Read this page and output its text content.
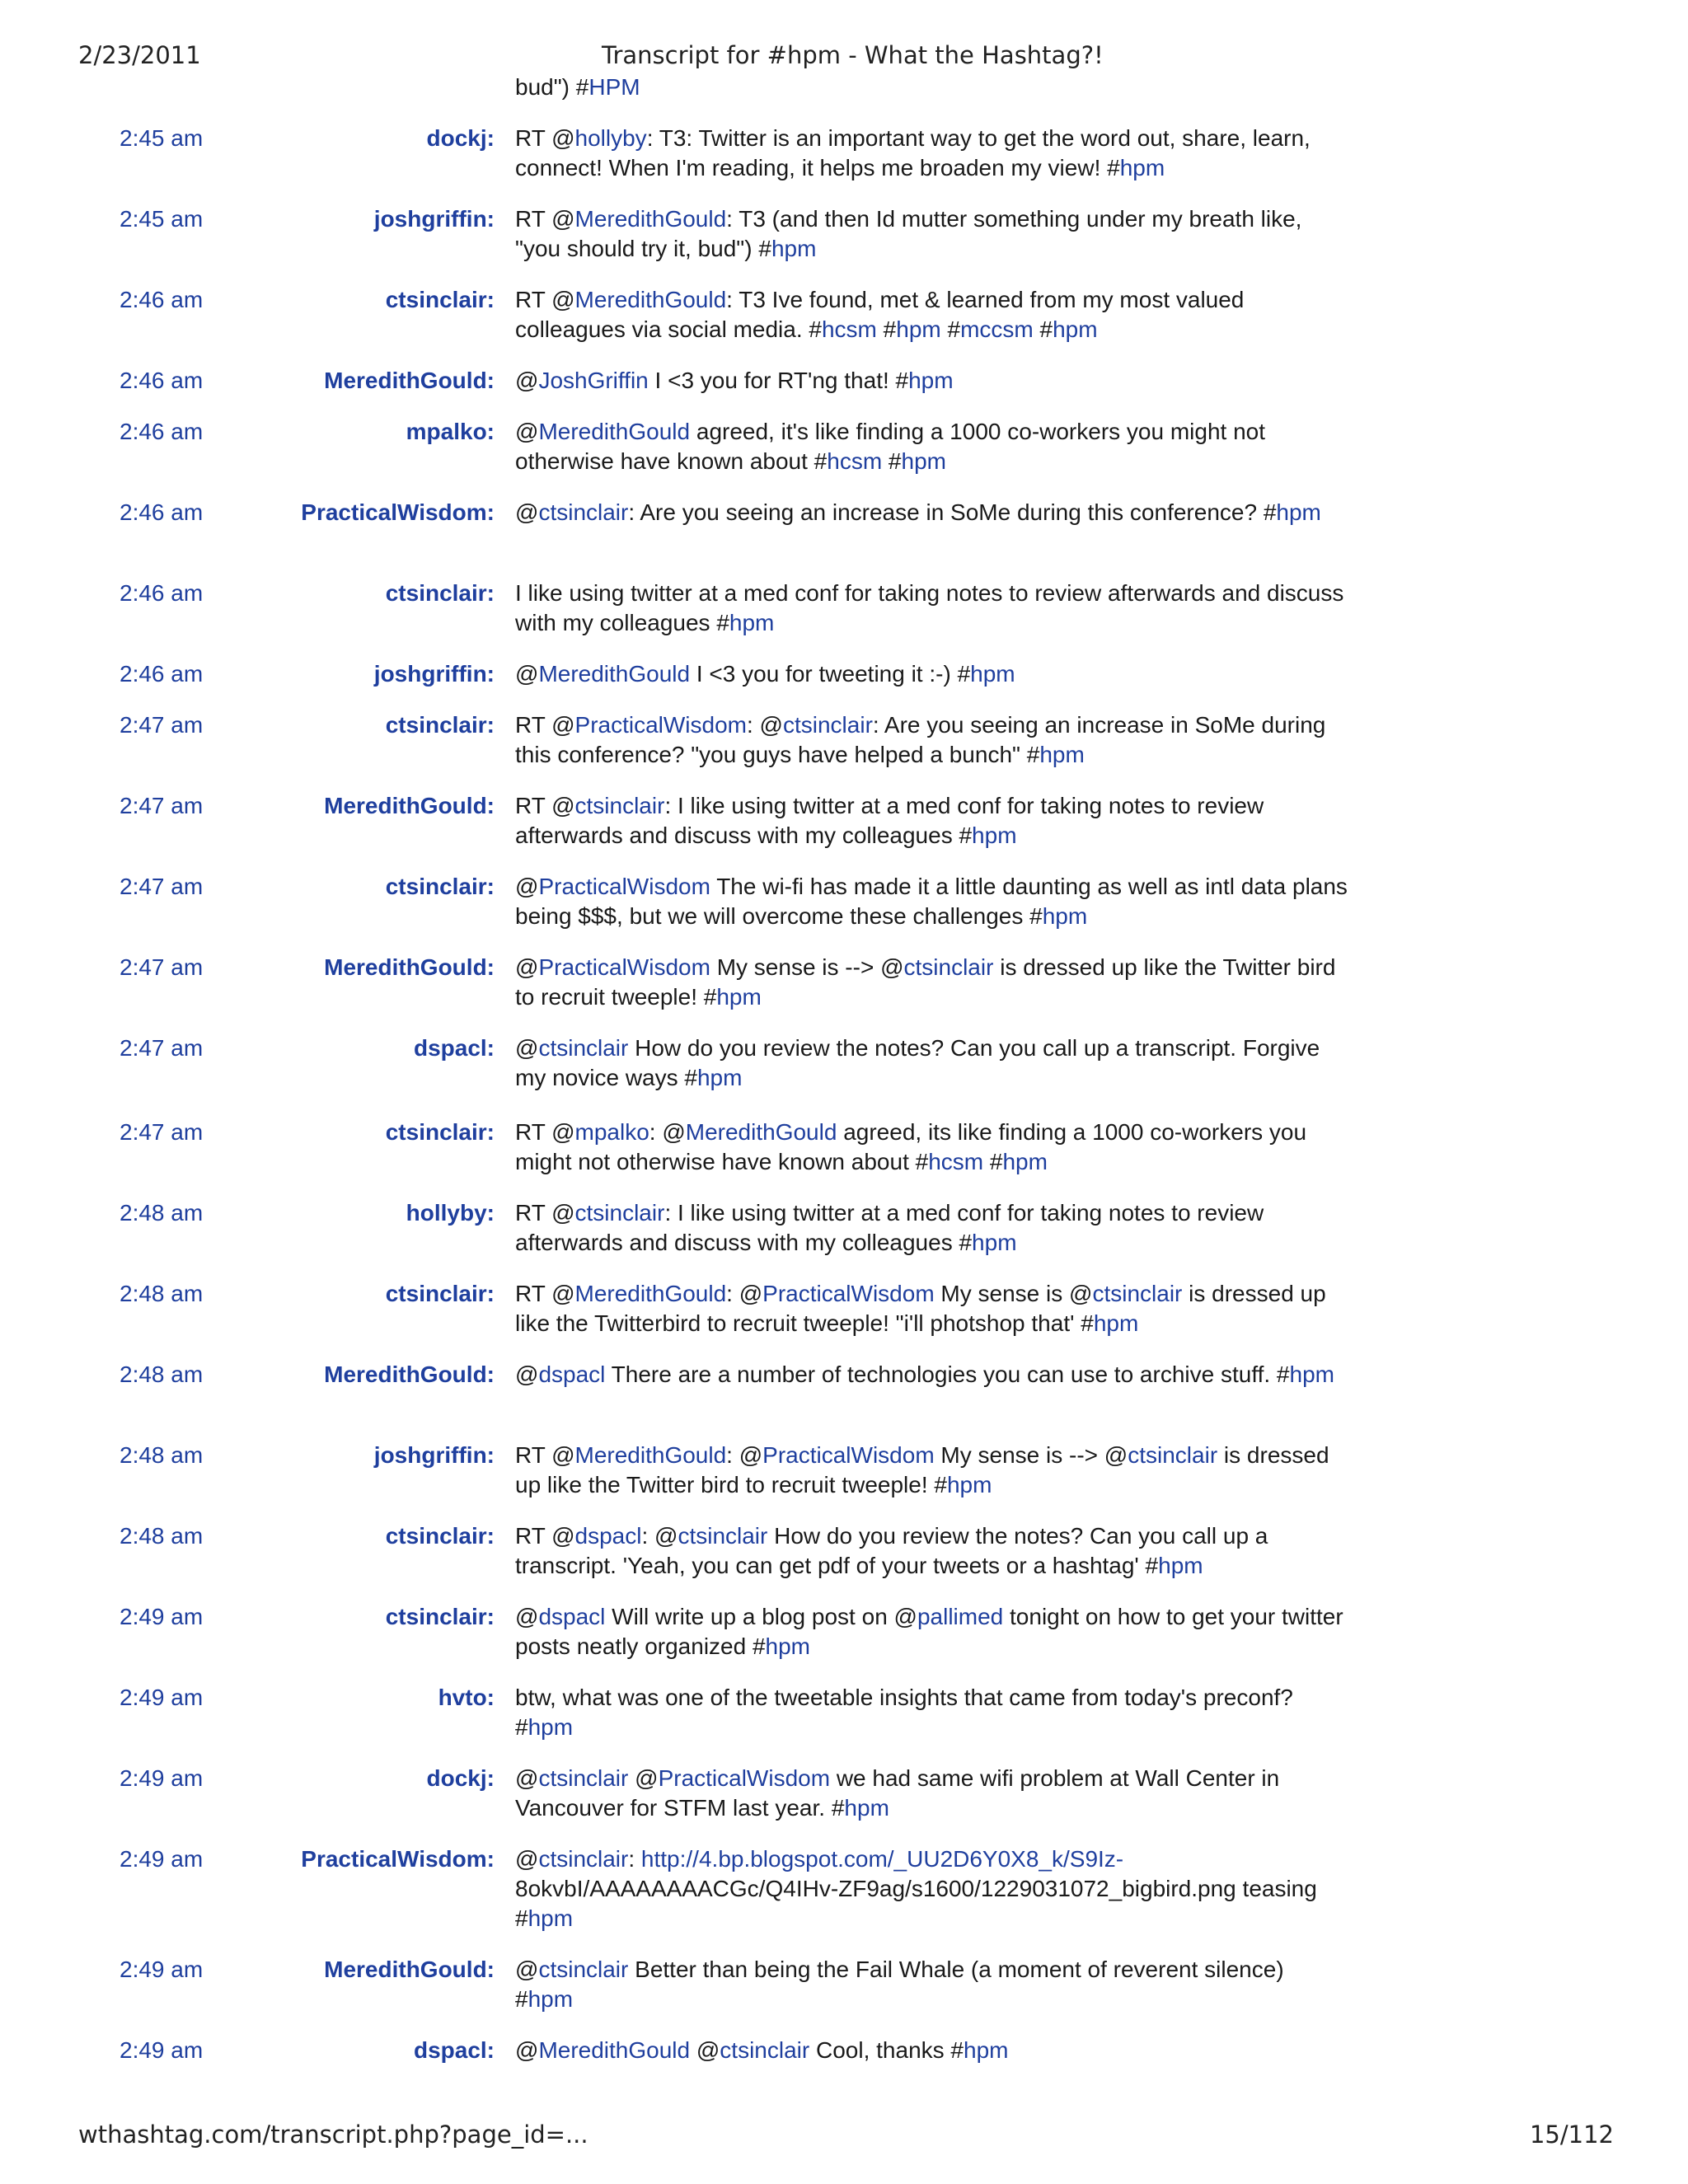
2/23/2011	Transcript for #hpm - What the Hashtag?!
bud") #HPM
2:45 am	dockj: RT @hollyby: T3: Twitter is an important way to get the word out, share, learn, connect! When I'm reading, it helps me broaden my view! #hpm
2:45 am	joshgriffin: RT @MeredithGould: T3 (and then Id mutter something under my breath like, "you should try it, bud") #hpm
2:46 am	ctsinclair: RT @MeredithGould: T3 Ive found, met & learned from my most valued colleagues via social media. #hcsm #hpm #mccsm #hpm
2:46 am	MeredithGould: @JoshGriffin I <3 you for RT'ng that! #hpm
2:46 am	mpalko: @MeredithGould agreed, it's like finding a 1000 co-workers you might not otherwise have known about #hcsm #hpm
2:46 am	PracticalWisdom: @ctsinclair: Are you seeing an increase in SoMe during this conference? #hpm
2:46 am	ctsinclair: I like using twitter at a med conf for taking notes to review afterwards and discuss with my colleagues #hpm
2:46 am	joshgriffin: @MeredithGould I <3 you for tweeting it :-) #hpm
2:47 am	ctsinclair: RT @PracticalWisdom: @ctsinclair: Are you seeing an increase in SoMe during this conference? "you guys have helped a bunch" #hpm
2:47 am	MeredithGould: RT @ctsinclair: I like using twitter at a med conf for taking notes to review afterwards and discuss with my colleagues #hpm
2:47 am	ctsinclair: @PracticalWisdom The wi-fi has made it a little daunting as well as intl data plans being $$$, but we will overcome these challenges #hpm
2:47 am	MeredithGould: @PracticalWisdom My sense is --> @ctsinclair is dressed up like the Twitter bird to recruit tweeple! #hpm
2:47 am	dspacl: @ctsinclair How do you review the notes? Can you call up a transcript. Forgive my novice ways #hpm
2:47 am	ctsinclair: RT @mpalko: @MeredithGould agreed, its like finding a 1000 co-workers you might not otherwise have known about #hcsm #hpm
2:48 am	hollyby: RT @ctsinclair: I like using twitter at a med conf for taking notes to review afterwards and discuss with my colleagues #hpm
2:48 am	ctsinclair: RT @MeredithGould: @PracticalWisdom My sense is @ctsinclair is dressed up like the Twitterbird to recruit tweeple! "i'll photshop that' #hpm
2:48 am	MeredithGould: @dspacl There are a number of technologies you can use to archive stuff. #hpm
2:48 am	joshgriffin: RT @MeredithGould: @PracticalWisdom My sense is --> @ctsinclair is dressed up like the Twitter bird to recruit tweeple! #hpm
2:48 am	ctsinclair: RT @dspacl: @ctsinclair How do you review the notes? Can you call up a transcript. 'Yeah, you can get pdf of your tweets or a hashtag' #hpm
2:49 am	ctsinclair: @dspacl Will write up a blog post on @pallimed tonight on how to get your twitter posts neatly organized #hpm
2:49 am	hvto: btw, what was one of the tweetable insights that came from today's preconf? #hpm
2:49 am	dockj: @ctsinclair @PracticalWisdom we had same wifi problem at Wall Center in Vancouver for STFM last year. #hpm
2:49 am	PracticalWisdom: @ctsinclair: http://4.bp.blogspot.com/_UU2D6Y0X8_k/S9Iz-
8okvbI/AAAAAAAACGc/Q4IHv-ZF9ag/s1600/1229031072_bigbird.png teasing #hpm
2:49 am	MeredithGould: @ctsinclair Better than being the Fail Whale (a moment of reverent silence) #hpm
2:49 am	dspacl: @MeredithGould @ctsinclair Cool, thanks #hpm
wthashtag.com/transcript.php?page_id=...	15/112
